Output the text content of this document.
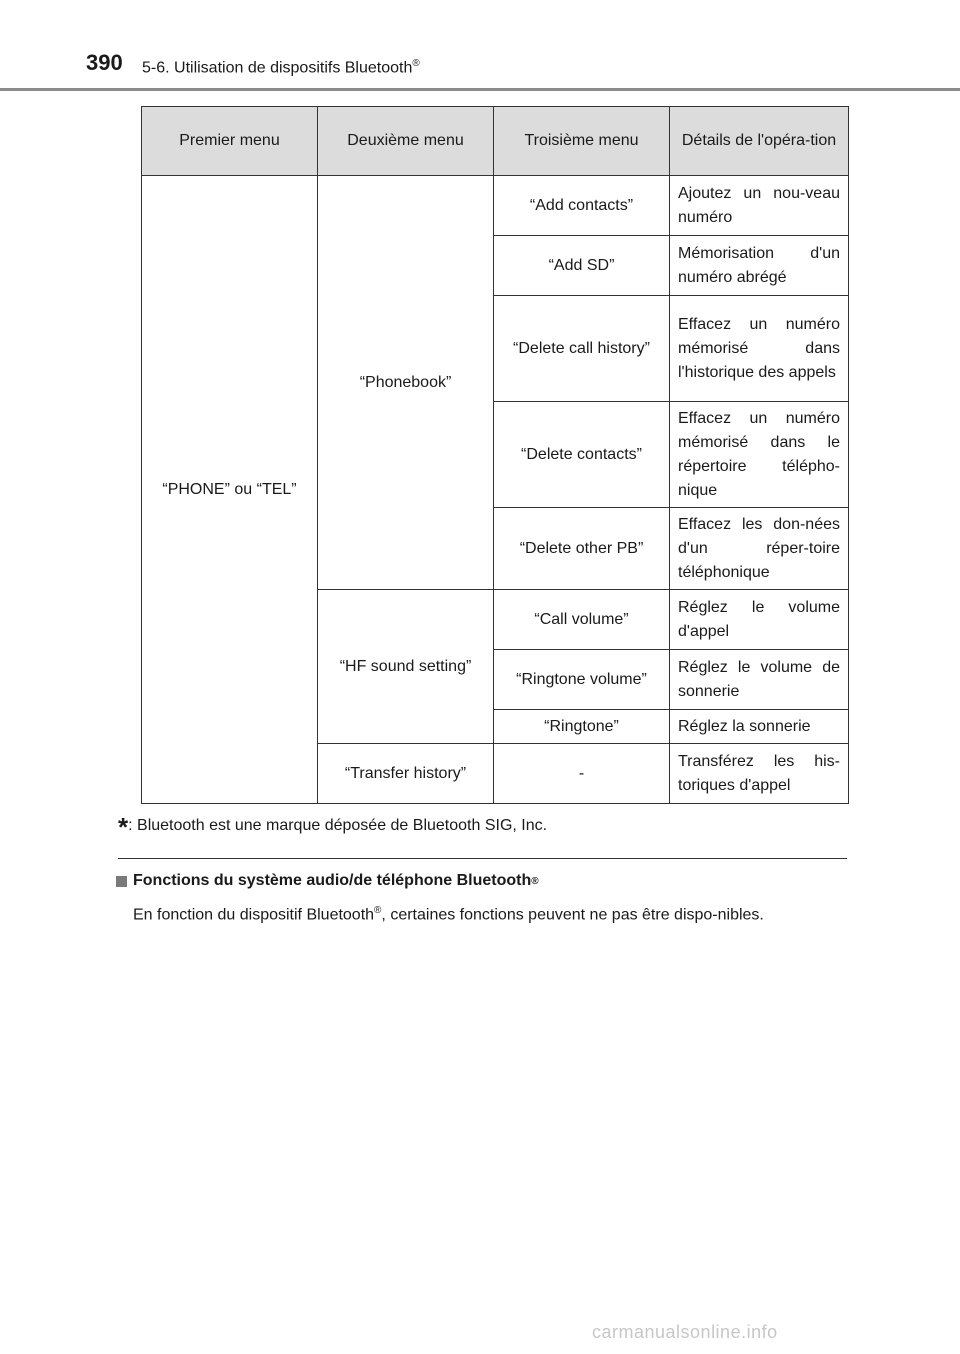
390 5-6. Utilisation de dispositifs Bluetooth®
Premier menu	Deuxième menu	Troisième menu	Détails de l'opéra-tion
“PHONE” ou “TEL”	“Phonebook”	“Add contacts”	Ajoutez un nou-veau numéro
		“Add SD”	Mémorisation d'un numéro abrégé
		“Delete call history”	Effacez un numéro mémorisé dans l'historique des appels
		“Delete contacts”	Effacez un numéro mémorisé dans le répertoire télépho-nique
		“Delete other PB”	Effacez les don-nées d'un réper-toire téléphonique
	“HF sound setting”	“Call volume”	Réglez le volume d'appel
		“Ringtone volume”	Réglez le volume de sonnerie
		“Ringtone”	Réglez la sonnerie
	“Transfer history”	-	Transférez les his-toriques d'appel
*: Bluetooth est une marque déposée de Bluetooth SIG, Inc.
Fonctions du système audio/de téléphone Bluetooth ®
En fonction du dispositif Bluetooth®, certaines fonctions peuvent ne pas être dispo-nibles.
carmanualsonline.info
